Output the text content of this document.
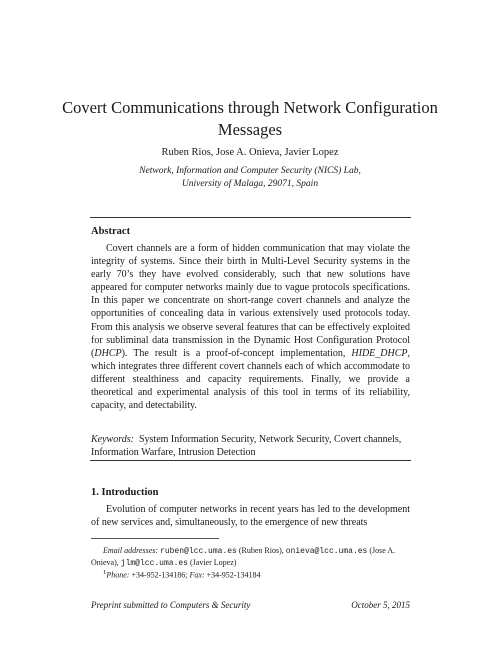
Covert Communications through Network Configuration Messages
Ruben Rios, Jose A. Onieva, Javier Lopez
Network, Information and Computer Security (NICS) Lab,
University of Malaga, 29071, Spain
Abstract
Covert channels are a form of hidden communication that may violate the integrity of systems. Since their birth in Multi-Level Security systems in the early 70’s they have evolved considerably, such that new solutions have appeared for computer networks mainly due to vague protocols specifications. In this paper we concentrate on short-range covert channels and analyze the opportunities of concealing data in various extensively used protocols today. From this analysis we observe several features that can be effectively exploited for subliminal data transmission in the Dynamic Host Configuration Protocol (DHCP). The result is a proof-of-concept implementation, HIDE_DHCP, which integrates three different covert channels each of which accommodate to different stealthiness and capacity requirements. Finally, we provide a theoretical and experimental analysis of this tool in terms of its reliability, capacity, and detectability.
Keywords: System Information Security, Network Security, Covert channels, Information Warfare, Intrusion Detection
1. Introduction
Evolution of computer networks in recent years has led to the development of new services and, simultaneously, to the emergence of new threats
Email addresses: ruben@lcc.uma.es (Ruben Rios), onieva@lcc.uma.es (Jose A. Onieva), jlm@lcc.uma.es (Javier Lopez)
$^1$Phone: +34-952-134186; Fax: +34-952-134184
Preprint submitted to Computers & Security	October 5, 2015
